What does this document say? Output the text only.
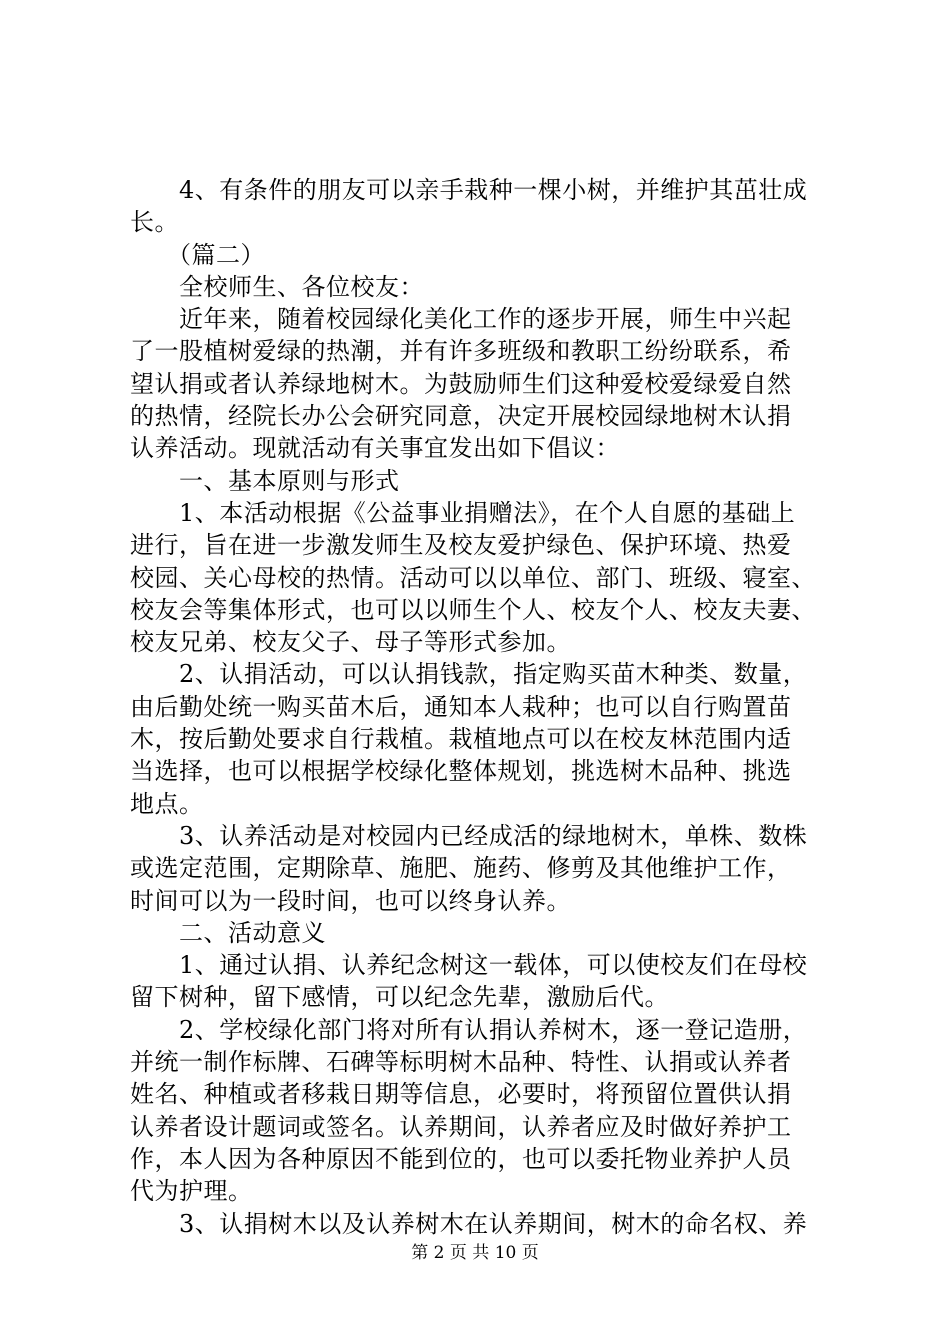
　　4、有条件的朋友可以亲手栽种一棵小树，并维护其茁壮成
长。
　　（篇二）
　　全校师生、各位校友：
　　近年来，随着校园绿化美化工作的逐步开展，师生中兴起
了一股植树爱绿的热潮，并有许多班级和教职工纷纷联系，希
望认捐或者认养绿地树木。为鼓励师生们这种爱校爱绿爱自然
的热情，经院长办公会研究同意，决定开展校园绿地树木认捐
认养活动。现就活动有关事宜发出如下倡议：
　　一、基本原则与形式
　　1、本活动根据《公益事业捐赠法》，在个人自愿的基础上
进行，旨在进一步激发师生及校友爱护绿色、保护环境、热爱
校园、关心母校的热情。活动可以以单位、部门、班级、寝室、
校友会等集体形式，也可以以师生个人、校友个人、校友夫妻、
校友兄弟、校友父子、母子等形式参加。
　　2、认捐活动，可以认捐钱款，指定购买苗木种类、数量，
由后勤处统一购买苗木后，通知本人栽种；也可以自行购置苗
木，按后勤处要求自行栽植。栽植地点可以在校友林范围内适
当选择，也可以根据学校绿化整体规划，挑选树木品种、挑选
地点。
　　3、认养活动是对校园内已经成活的绿地树木，单株、数株
或选定范围，定期除草、施肥、施药、修剪及其他维护工作，
时间可以为一段时间，也可以终身认养。
　　二、活动意义
　　1、通过认捐、认养纪念树这一载体，可以使校友们在母校
留下树种，留下感情，可以纪念先辈，激励后代。
　　2、学校绿化部门将对所有认捐认养树木，逐一登记造册，
并统一制作标牌、石碑等标明树木品种、特性、认捐或认养者
姓名、种植或者移栽日期等信息，必要时，将预留位置供认捐
认养者设计题词或签名。认养期间，认养者应及时做好养护工
作，本人因为各种原因不能到位的，也可以委托物业养护人员
代为护理。
　　3、认捐树木以及认养树木在认养期间，树木的命名权、养
第 2 页 共 10 页
